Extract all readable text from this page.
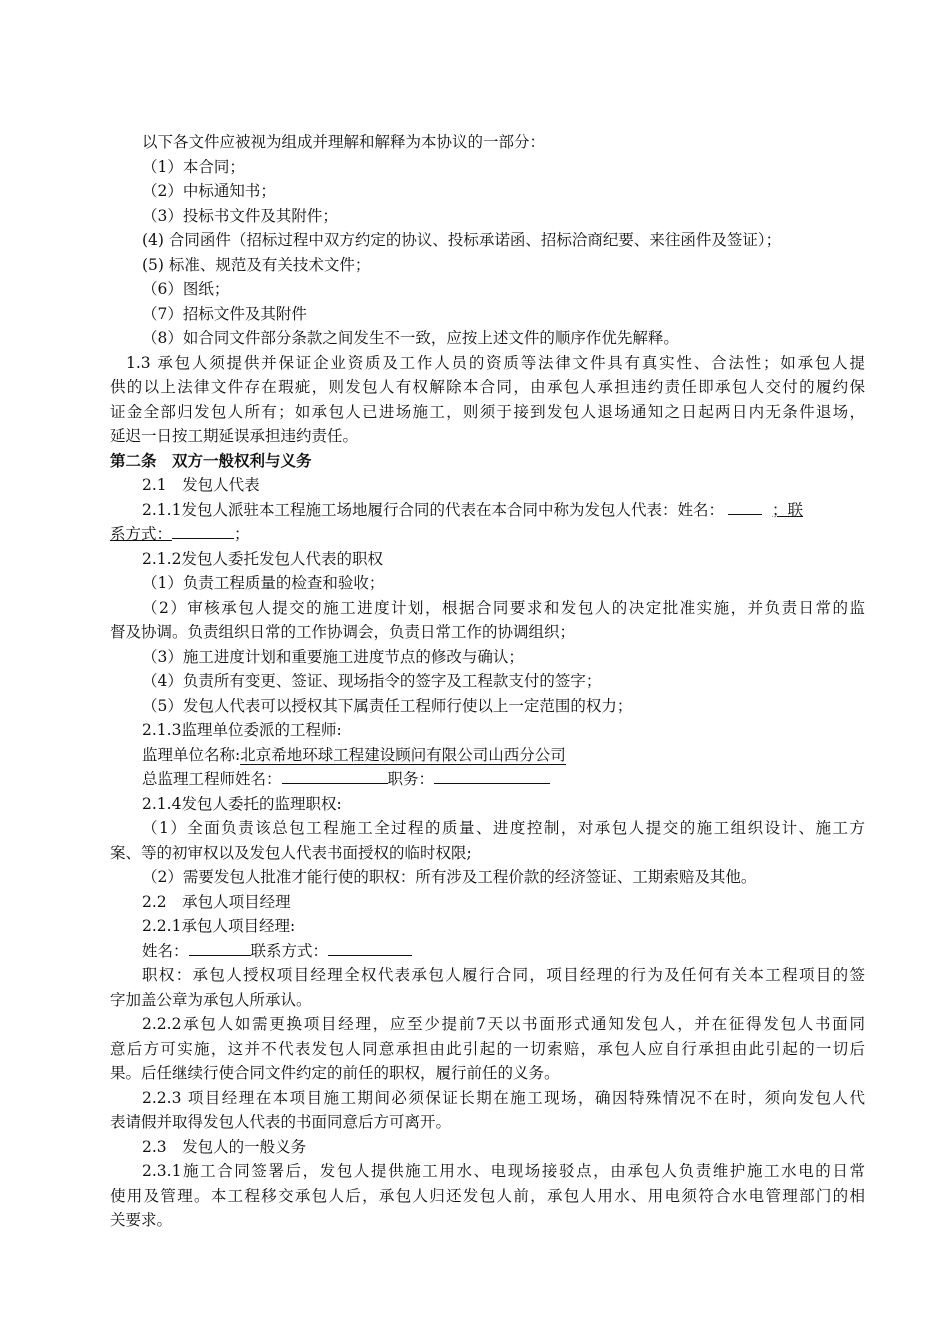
以下各文件应被视为组成并理解和解释为本协议的一部分：
（1）本合同；
（2）中标通知书；
（3）投标书文件及其附件；
(4) 合同函件（招标过程中双方约定的协议、投标承诺函、招标洽商纪要、来往函件及签证）；
(5) 标准、规范及有关技术文件；
（6）图纸；
（7）招标文件及其附件
（8）如合同文件部分条款之间发生不一致，应按上述文件的顺序作优先解释。
1.3 承包人须提供并保证企业资质及工作人员的资质等法律文件具有真实性、合法性；如承包人提
供的以上法律文件存在瑕疵，则发包人有权解除本合同，由承包人承担违约责任即承包人交付的履约保
证金全部归发包人所有；如承包人已进场施工，则须于接到发包人退场通知之日起两日内无条件退场，
延迟一日按工期延误承担违约责任。
第二条　双方一般权利与义务
2.1　发包人代表
2.1.1发包人派驻本工程施工场地履行合同的代表在本合同中称为发包人代表：姓名：	；联
系方式：	；
2.1.2发包人委托发包人代表的职权
（1）负责工程质量的检查和验收；
（2）审核承包人提交的施工进度计划，根据合同要求和发包人的决定批准实施，并负责日常的监
督及协调。负责组织日常的工作协调会，负责日常工作的协调组织；
（3）施工进度计划和重要施工进度节点的修改与确认；
（4）负责所有变更、签证、现场指令的签字及工程款支付的签字；
（5）发包人代表可以授权其下属责任工程师行使以上一定范围的权力；
2.1.3监理单位委派的工程师:
监理单位名称:北京希地环球工程建设顾问有限公司山西分公司
总监理工程师姓名：	职务：
2.1.4发包人委托的监理职权:
（1）全面负责该总包工程施工全过程的质量、进度控制，对承包人提交的施工组织设计、施工方
案、等的初审权以及发包人代表书面授权的临时权限;
（2）需要发包人批准才能行使的职权：所有涉及工程价款的经济签证、工期索赔及其他。
2.2　承包人项目经理
2.2.1承包人项目经理:
姓名：	联系方式：
职权：承包人授权项目经理全权代表承包人履行合同，项目经理的行为及任何有关本工程项目的签
字加盖公章为承包人所承认。
2.2.2承包人如需更换项目经理，应至少提前7天以书面形式通知发包人，并在征得发包人书面同
意后方可实施，这并不代表发包人同意承担由此引起的一切索赔，承包人应自行承担由此引起的一切后
果。后任继续行使合同文件约定的前任的职权，履行前任的义务。
2.2.3 项目经理在本项目施工期间必须保证长期在施工现场，确因特殊情况不在时，须向发包人代
表请假并取得发包人代表的书面同意后方可离开。
2.3　发包人的一般义务
2.3.1施工合同签署后，发包人提供施工用水、电现场接驳点，由承包人负责维护施工水电的日常
使用及管理。本工程移交承包人后，承包人归还发包人前，承包人用水、用电须符合水电管理部门的相
关要求。
